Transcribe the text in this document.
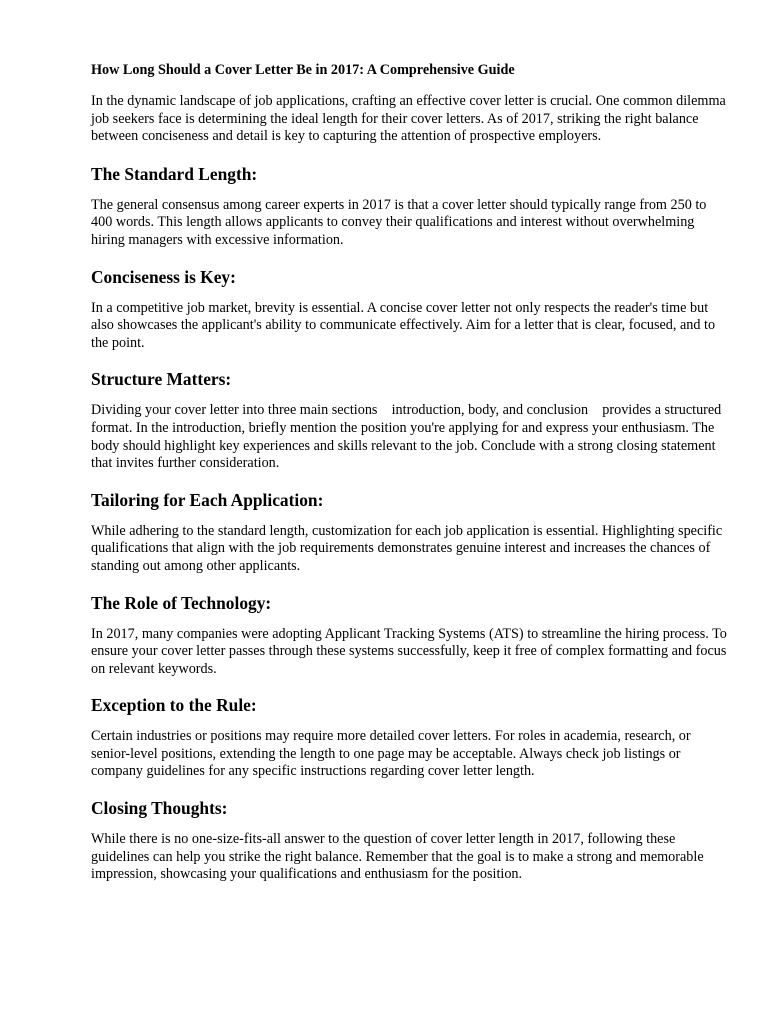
How Long Should a Cover Letter Be in 2017: A Comprehensive Guide

In the dynamic landscape of job applications, crafting an effective cover letter is crucial. One common dilemma job seekers face is determining the ideal length for their cover letters. As of 2017, striking the right balance between conciseness and detail is key to capturing the attention of prospective employers.

The Standard Length:

The general consensus among career experts in 2017 is that a cover letter should typically range from 250 to 400 words. This length allows applicants to convey their qualifications and interest without overwhelming hiring managers with excessive information.

Conciseness is Key:

In a competitive job market, brevity is essential. A concise cover letter not only respects the reader's time but also showcases the applicant's ability to communicate effectively. Aim for a letter that is clear, focused, and to the point.

Structure Matters:

Dividing your cover letter into three main sections    introduction, body, and conclusion    provides a structured format. In the introduction, briefly mention the position you're applying for and express your enthusiasm. The body should highlight key experiences and skills relevant to the job. Conclude with a strong closing statement that invites further consideration.

Tailoring for Each Application:

While adhering to the standard length, customization for each job application is essential. Highlighting specific qualifications that align with the job requirements demonstrates genuine interest and increases the chances of standing out among other applicants.

The Role of Technology:

In 2017, many companies were adopting Applicant Tracking Systems (ATS) to streamline the hiring process. To ensure your cover letter passes through these systems successfully, keep it free of complex formatting and focus on relevant keywords.

Exception to the Rule:

Certain industries or positions may require more detailed cover letters. For roles in academia, research, or senior-level positions, extending the length to one page may be acceptable. Always check job listings or company guidelines for any specific instructions regarding cover letter length.

Closing Thoughts:

While there is no one-size-fits-all answer to the question of cover letter length in 2017, following these guidelines can help you strike the right balance. Remember that the goal is to make a strong and memorable impression, showcasing your qualifications and enthusiasm for the position.
